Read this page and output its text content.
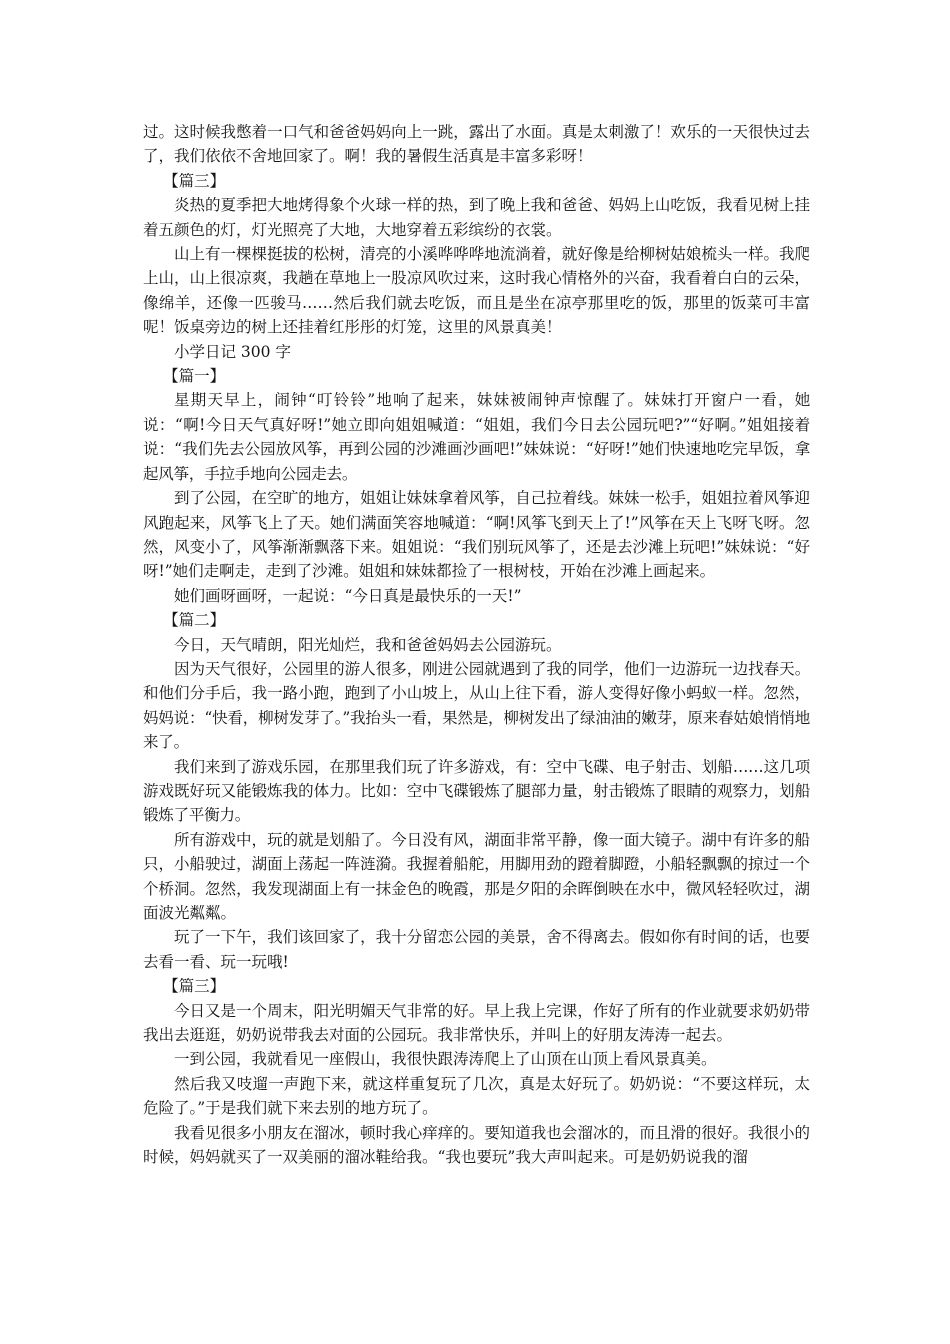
过。这时候我憋着一口气和爸爸妈妈向上一跳，露出了水面。真是太刺激了！欢乐的一天很快过去了，我们依依不舍地回家了。啊！我的暑假生活真是丰富多彩呀！

【篇三】

炎热的夏季把大地烤得象个火球一样的热，到了晚上我和爸爸、妈妈上山吃饭，我看见树上挂着五颜色的灯，灯光照亮了大地，大地穿着五彩缤纷的衣裳。

山上有一棵棵挺拔的松树，清亮的小溪哗哗哗地流淌着，就好像是给柳树姑娘梳头一样。我爬上山，山上很凉爽，我趟在草地上一股凉风吹过来，这时我心情格外的兴奋，我看着白白的云朵，像绵羊，还像一匹骏马……然后我们就去吃饭，而且是坐在凉亭那里吃的饭，那里的饭菜可丰富呢！饭桌旁边的树上还挂着红彤彤的灯笼，这里的风景真美！

小学日记 300 字

【篇一】

星期天早上，闹钟“叮铃铃”地响了起来，妹妹被闹钟声惊醒了。妹妹打开窗户一看，她说：“啊!今日天气真好呀!”她立即向姐姐喊道：“姐姐，我们今日去公园玩吧?”“好啊。”姐姐接着说：“我们先去公园放风筝，再到公园的沙滩画沙画吧!”妹妹说：“好呀!”她们快速地吃完早饭，拿起风筝，手拉手地向公园走去。

到了公园，在空旷的地方，姐姐让妹妹拿着风筝，自己拉着线。妹妹一松手，姐姐拉着风筝迎风跑起来，风筝飞上了天。她们满面笑容地喊道：“啊!风筝飞到天上了!”风筝在天上飞呀飞呀。忽然，风变小了，风筝渐渐飘落下来。姐姐说：“我们别玩风筝了，还是去沙滩上玩吧!”妹妹说：“好呀!”她们走啊走，走到了沙滩。姐姐和妹妹都捡了一根树枝，开始在沙滩上画起来。

她们画呀画呀，一起说：“今日真是最快乐的一天!”

【篇二】

今日，天气晴朗，阳光灿烂，我和爸爸妈妈去公园游玩。

因为天气很好，公园里的游人很多，刚进公园就遇到了我的同学，他们一边游玩一边找春天。和他们分手后，我一路小跑，跑到了小山坡上，从山上往下看，游人变得好像小蚂蚁一样。忽然，妈妈说：“快看，柳树发芽了。”我抬头一看，果然是，柳树发出了绿油油的嫩芽，原来春姑娘悄悄地来了。

我们来到了游戏乐园，在那里我们玩了许多游戏，有：空中飞碟、电子射击、划船……这几项游戏既好玩又能锻炼我的体力。比如：空中飞碟锻炼了腿部力量，射击锻炼了眼睛的观察力，划船锻炼了平衡力。

所有游戏中，玩的就是划船了。今日没有风，湖面非常平静，像一面大镜子。湖中有许多的船只，小船驶过，湖面上荡起一阵涟漪。我握着船舵，用脚用劲的蹬着脚蹬，小船轻飘飘的掠过一个个桥洞。忽然，我发现湖面上有一抹金色的晚霞，那是夕阳的余晖倒映在水中，微风轻轻吹过，湖面波光粼粼。

玩了一下午，我们该回家了，我十分留恋公园的美景，舍不得离去。假如你有时间的话，也要去看一看、玩一玩哦!

【篇三】

今日又是一个周末，阳光明媚天气非常的好。早上我上完课，作好了所有的作业就要求奶奶带我出去逛逛，奶奶说带我去对面的公园玩。我非常快乐，并叫上的好朋友涛涛一起去。

一到公园，我就看见一座假山，我很快跟涛涛爬上了山顶在山顶上看风景真美。

然后我又吱遛一声跑下来，就这样重复玩了几次，真是太好玩了。奶奶说：“不要这样玩，太危险了。”于是我们就下来去别的地方玩了。

我看见很多小朋友在溜冰，顿时我心痒痒的。要知道我也会溜冰的，而且滑的很好。我很小的时候，妈妈就买了一双美丽的溜冰鞋给我。“我也要玩”我大声叫起来。可是奶奶说我的溜
